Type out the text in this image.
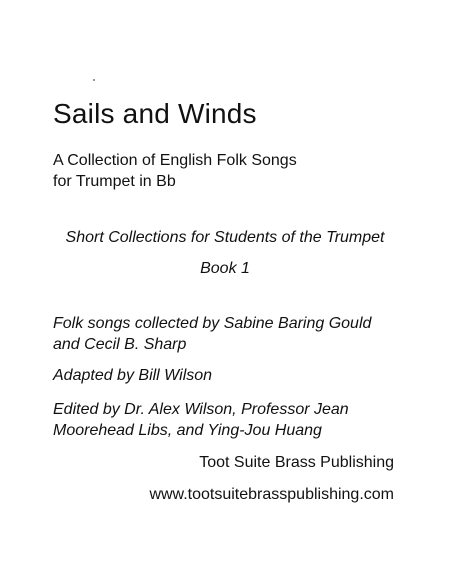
Sails and Winds
A Collection of English Folk Songs
for Trumpet in Bb
Short Collections for Students of the Trumpet
Book 1
Folk songs collected by Sabine Baring Gould
and Cecil B. Sharp
Adapted by Bill Wilson
Edited by Dr. Alex Wilson, Professor Jean
Moorehead Libs, and Ying-Jou Huang
Toot Suite Brass Publishing
www.tootsuitebrasspublishing.com
